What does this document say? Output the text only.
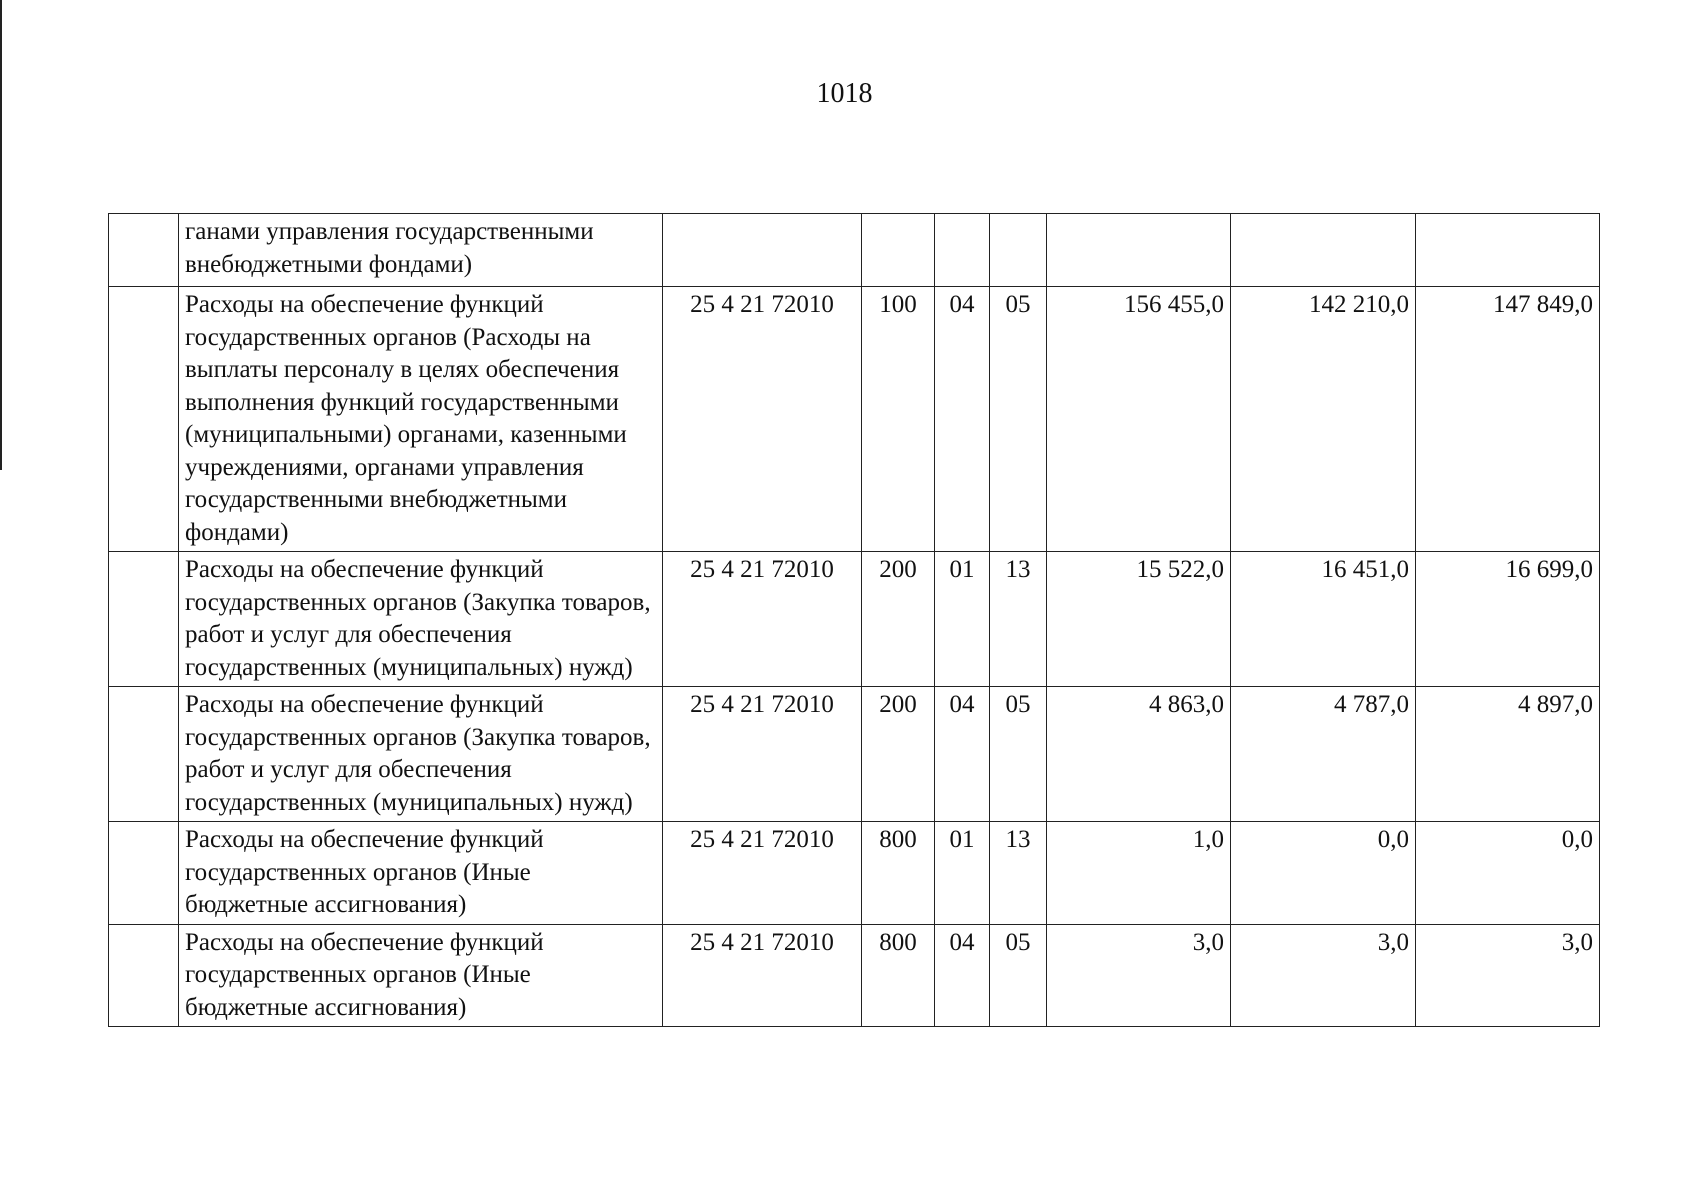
1018
	ганами управления государственными внебюджетными фондами)							
	Расходы на обеспечение функций государственных органов (Расходы на выплаты персоналу в целях обеспечения выполнения функций государственными (муниципальными) органами, казенными учреждениями, органами управления государственными внебюджетными фондами)	25 4 21 72010	100	04	05	156 455,0	142 210,0	147 849,0
	Расходы на обеспечение функций государственных органов (Закупка товаров, работ и услуг для обеспечения государственных (муниципальных) нужд)	25 4 21 72010	200	01	13	15 522,0	16 451,0	16 699,0
	Расходы на обеспечение функций государственных органов (Закупка товаров, работ и услуг для обеспечения государственных (муниципальных) нужд)	25 4 21 72010	200	04	05	4 863,0	4 787,0	4 897,0
	Расходы на обеспечение функций государственных органов (Иные бюджетные ассигнования)	25 4 21 72010	800	01	13	1,0	0,0	0,0
	Расходы на обеспечение функций государственных органов (Иные бюджетные ассигнования)	25 4 21 72010	800	04	05	3,0	3,0	3,0
